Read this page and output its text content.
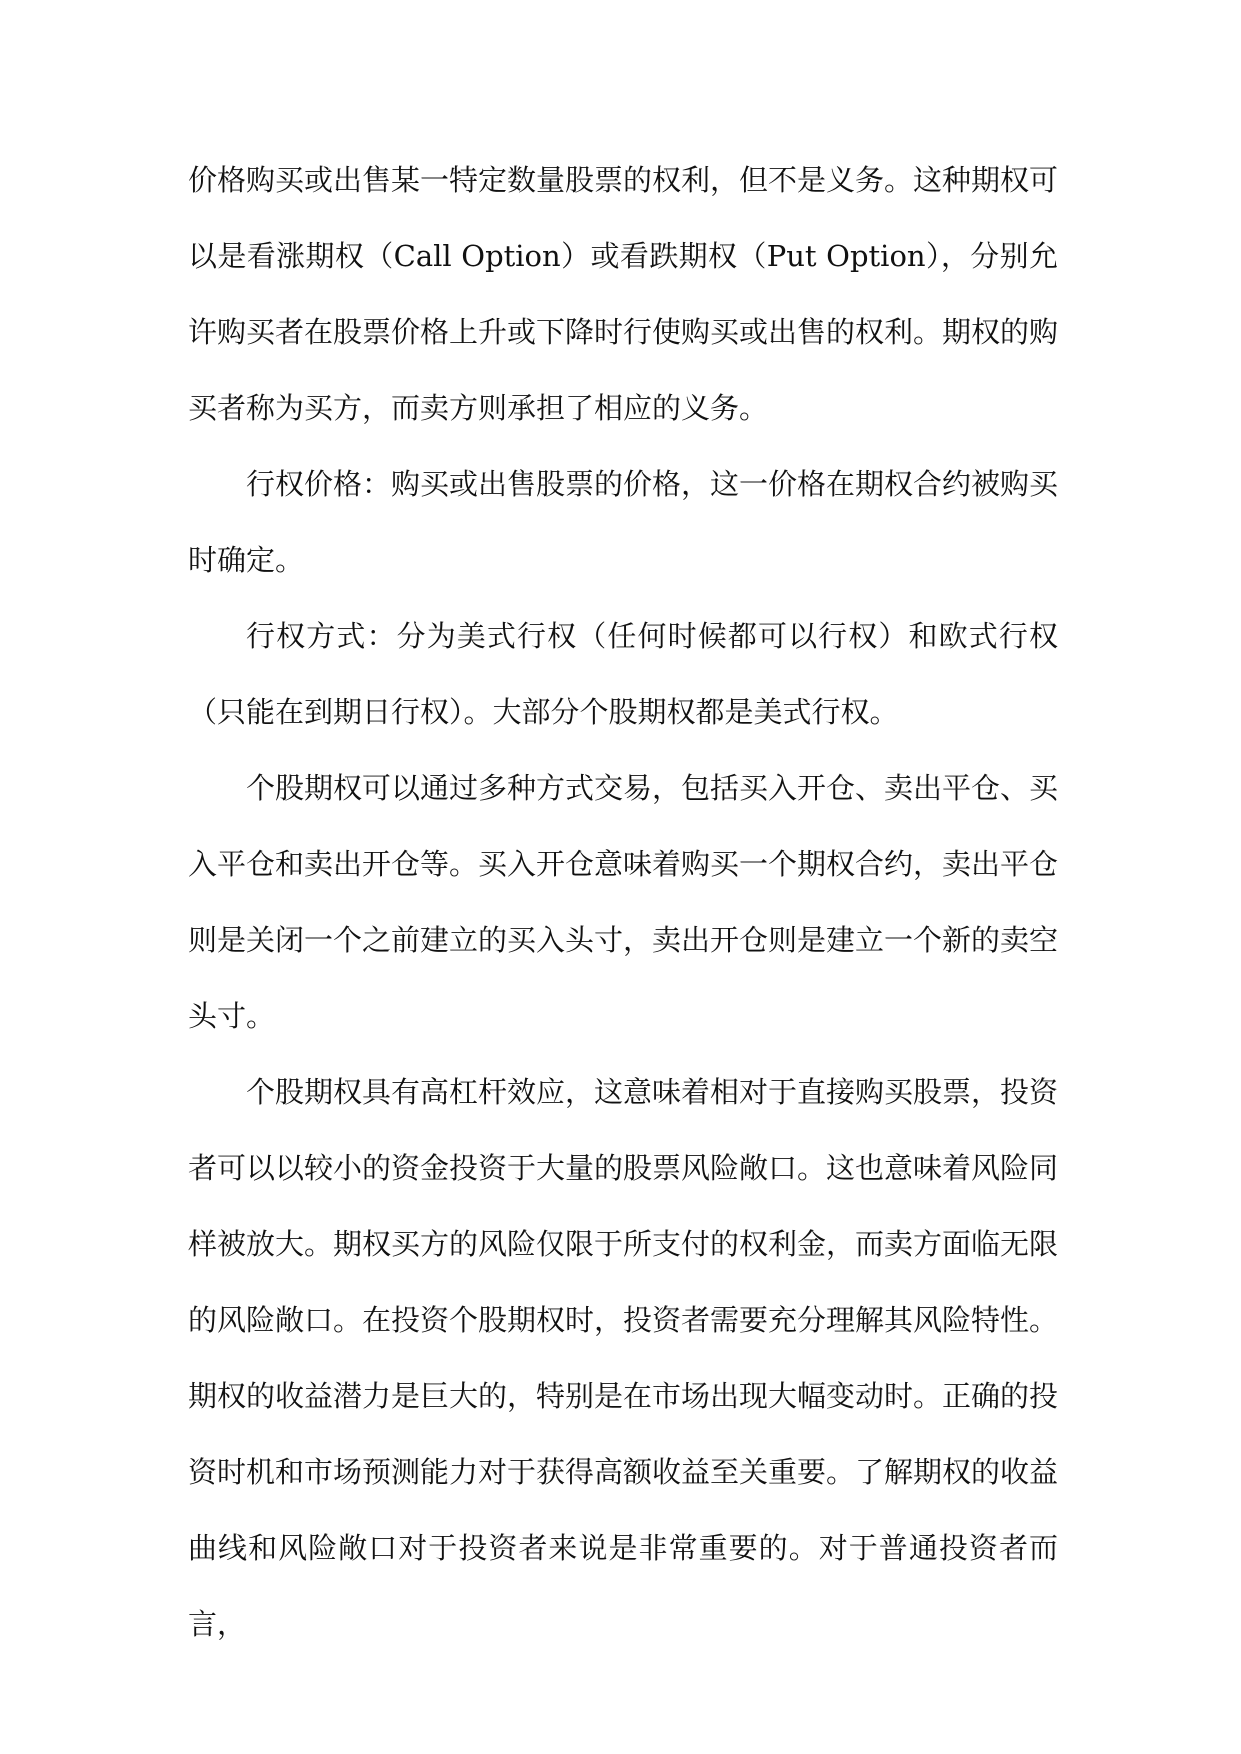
价格购买或出售某一特定数量股票的权利，但不是义务。这种期权可以是看涨期权（Call Option）或看跌期权（Put Option），分别允许购买者在股票价格上升或下降时行使购买或出售的权利。期权的购买者称为买方，而卖方则承担了相应的义务。

行权价格：购买或出售股票的价格，这一价格在期权合约被购买时确定。

行权方式：分为美式行权（任何时候都可以行权）和欧式行权（只能在到期日行权）。大部分个股期权都是美式行权。

个股期权可以通过多种方式交易，包括买入开仓、卖出平仓、买入平仓和卖出开仓等。买入开仓意味着购买一个期权合约，卖出平仓则是关闭一个之前建立的买入头寸，卖出开仓则是建立一个新的卖空头寸。

个股期权具有高杠杆效应，这意味着相对于直接购买股票，投资者可以以较小的资金投资于大量的股票风险敞口。这也意味着风险同样被放大。期权买方的风险仅限于所支付的权利金，而卖方面临无限的风险敞口。在投资个股期权时，投资者需要充分理解其风险特性。期权的收益潜力是巨大的，特别是在市场出现大幅变动时。正确的投资时机和市场预测能力对于获得高额收益至关重要。了解期权的收益曲线和风险敞口对于投资者来说是非常重要的。对于普通投资者而言，
